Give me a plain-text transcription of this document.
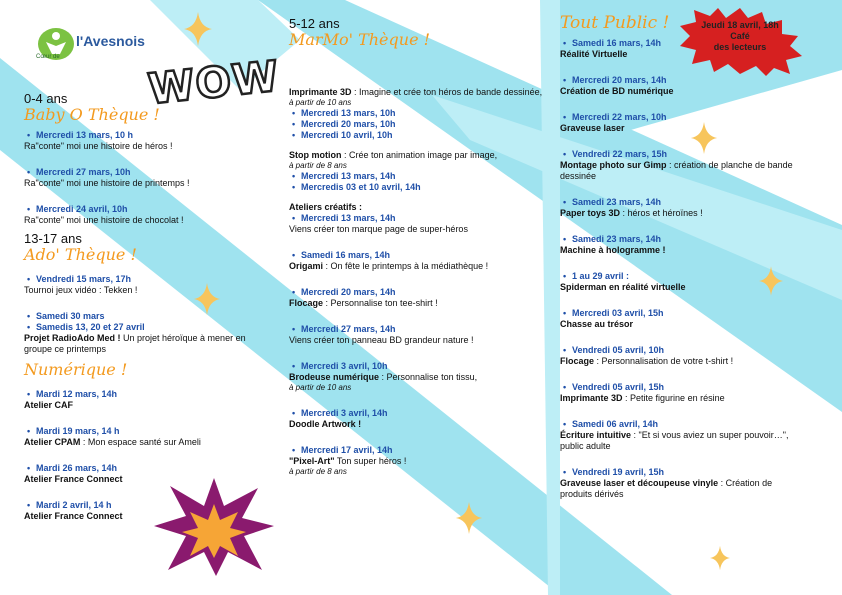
Cœur de
l'Avesnois
WOW
Jeudi 18 avril, 18h
Café
des lecteurs

0-4 ans

Baby O Thèque !

• Mercredi 13 mars, 10 h

Ra"conte" moi une histoire de héros !

• Mercredi 27 mars, 10h

Ra"conte" moi une histoire de printemps !

• Mercredi 24 avril, 10h

Ra"conte" moi une histoire de chocolat !

13-17 ans

Ado' Thèque !

• Vendredi 15 mars, 17h

Tournoi jeux vidéo : Tekken !

• Samedi 30 mars
• Samedis 13, 20 et 27 avril

Projet RadioAdo Med ! Un projet héroïque à mener en groupe ce printemps

Numérique !

• Mardi 12 mars, 14h

Atelier CAF

• Mardi 19 mars, 14 h

Atelier CPAM : Mon espace santé sur Ameli

• Mardi 26 mars, 14h

Atelier France Connect

• Mardi 2 avril, 14 h

Atelier France Connect

5-12 ans

MarMo' Thèque !

Imprimante 3D : Imagine et crée ton héros de bande dessinée,

à partir de 10 ans

• Mercredi 13 mars, 10h
• Mercredi 20 mars, 10h
• Mercredi 10 avril, 10h

Stop motion : Crée ton animation image par image,

à partir de 8 ans

• Mercredi 13 mars, 14h
• Mercredis 03 et 10 avril, 14h

Ateliers créatifs :

• Mercredi 13 mars, 14h

Viens créer ton marque page de super-héros

• Samedi 16 mars, 14h

Origami : On fête le printemps à la médiathèque !

• Mercredi 20 mars, 14h

Flocage : Personnalise ton tee-shirt !

• Mercredi 27 mars, 14h

Viens créer ton panneau BD grandeur nature !

• Mercredi 3 avril, 10h

Brodeuse numérique : Personnalise ton tissu,

à partir de 10 ans

• Mercredi 3 avril, 14h

Doodle Artwork !

• Mercredi 17 avril, 14h

"Pixel-Art" Ton super héros !

à partir de 8 ans

Tout Public !

• Samedi 16 mars, 14h

Réalité Virtuelle

• Mercredi 20 mars, 14h

Création de BD numérique

• Mercredi 22 mars, 10h

Graveuse laser

• Vendredi 22 mars, 15h

Montage photo sur Gimp : création de planche de bande dessinée

• Samedi 23 mars, 14h

Paper toys 3D : héros et héroïnes !

• Samedi 23 mars, 14h

Machine à hologramme !

• 1 au 29 avril :

Spiderman en réalité virtuelle

• Mercredi 03 avril, 15h

Chasse au trésor

• Vendredi 05 avril, 10h

Flocage : Personnalisation de votre t-shirt !

• Vendredi 05 avril, 15h

Imprimante 3D : Petite figurine en résine

• Samedi 06 avril, 14h

Écriture intuitive : "Et si vous aviez un super pouvoir…", public adulte

• Vendredi 19 avril, 15h

Graveuse laser et découpeuse vinyle : Création de produits dérivés
